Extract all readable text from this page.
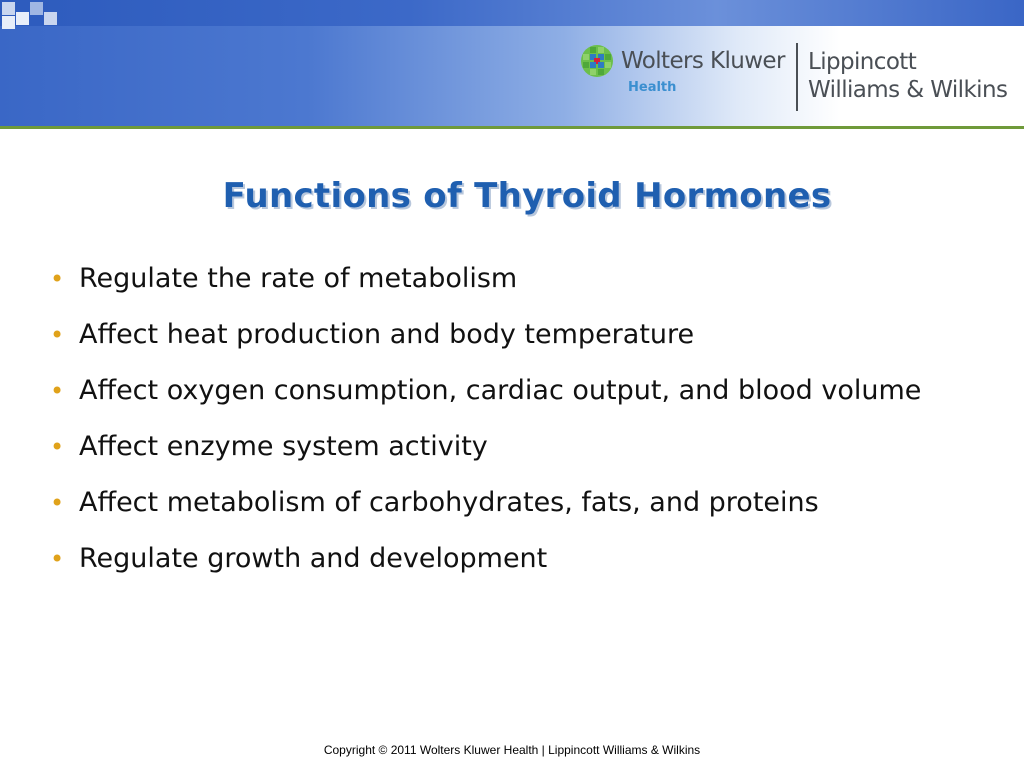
Wolters Kluwer
Health
Lippincott
Williams & Wilkins
Functions of Thyroid Hormones
• Regulate the rate of metabolism
• Affect heat production and body temperature
• Affect oxygen consumption, cardiac output, and blood volume
• Affect enzyme system activity
• Affect metabolism of carbohydrates, fats, and proteins
• Regulate growth and development
Copyright © 2011 Wolters Kluwer Health | Lippincott Williams & Wilkins
